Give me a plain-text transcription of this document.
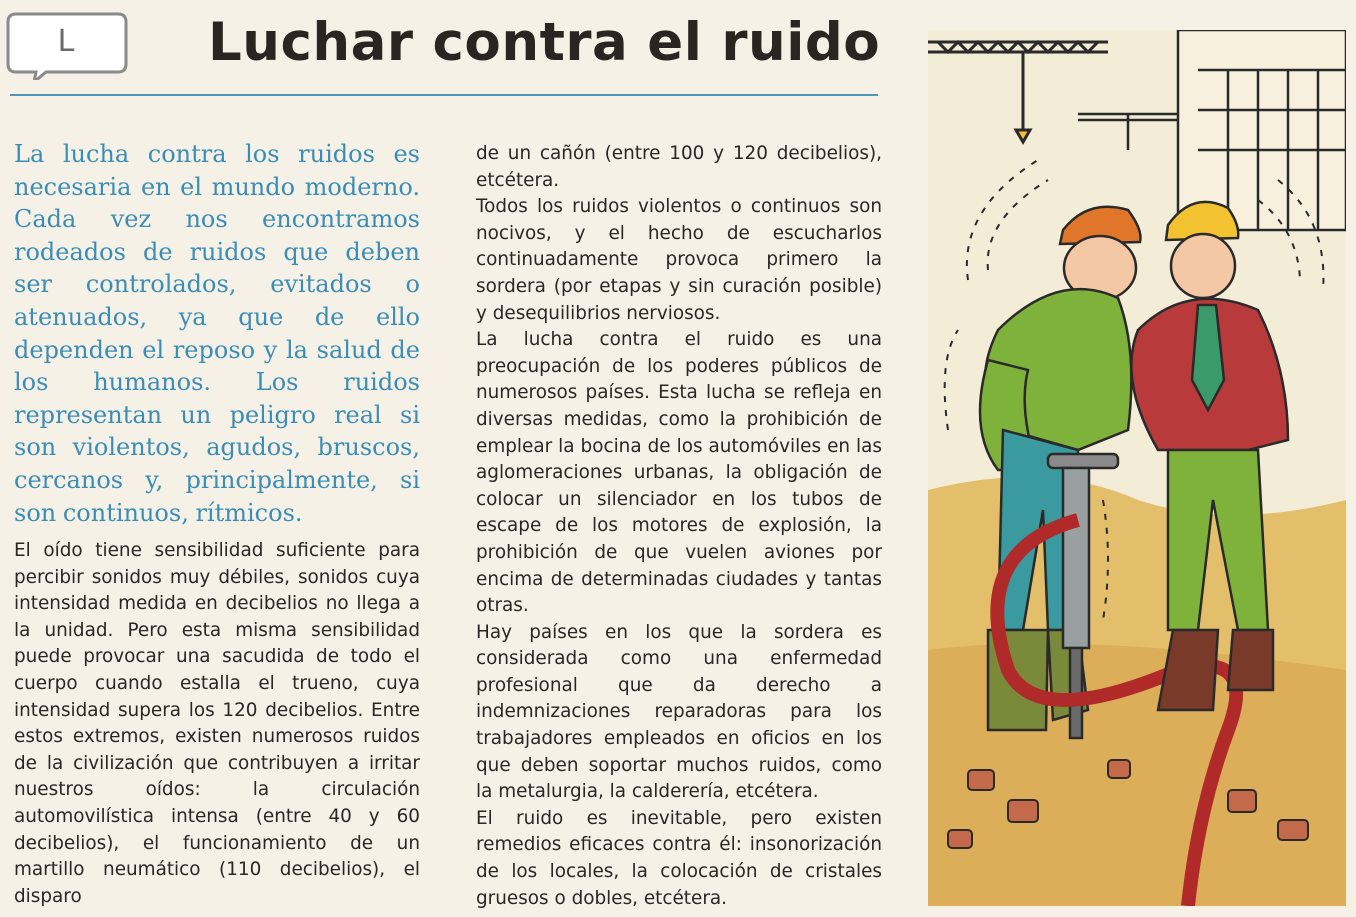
L	Luchar contra el ruido

La lucha contra los ruidos es necesaria en el mundo moderno. Cada vez nos encontramos rodeados de ruidos que deben ser controlados, evitados o atenuados, ya que de ello dependen el reposo y la salud de los humanos. Los ruidos representan un peligro real si son violentos, agudos, bruscos, cercanos y, principalmente, si son continuos, rítmicos.

El oído tiene sensibilidad suficiente para percibir sonidos muy débiles, sonidos cuya intensidad medida en decibelios no llega a la unidad. Pero esta misma sensibilidad puede provocar una sacudida de todo el cuerpo cuando estalla el trueno, cuya intensidad supera los 120 decibelios. Entre estos extremos, existen numerosos ruidos de la civilización que contribuyen a irritar nuestros oídos: la circulación automovilística intensa (entre 40 y 60 decibelios), el funcionamiento de un martillo neumático (110 decibelios), el disparo

de un cañón (entre 100 y 120 decibelios), etcétera.

Todos los ruidos violentos o continuos son nocivos, y el hecho de escucharlos continuadamente provoca primero la sordera (por etapas y sin curación posible) y desequilibrios nerviosos.

La lucha contra el ruido es una preocupación de los poderes públicos de numerosos países. Esta lucha se refleja en diversas medidas, como la prohibición de emplear la bocina de los automóviles en las aglomeraciones urbanas, la obligación de colocar un silenciador en los tubos de escape de los motores de explosión, la prohibición de que vuelen aviones por encima de determinadas ciudades y tantas otras.

Hay países en los que la sordera es considerada como una enfermedad profesional que da derecho a indemnizaciones reparadoras para los trabajadores empleados en oficios en los que deben soportar muchos ruidos, como la metalurgia, la calderería, etcétera.

El ruido es inevitable, pero existen remedios eficaces contra él: insonorización de los locales, la colocación de cristales gruesos o dobles, etcétera.
